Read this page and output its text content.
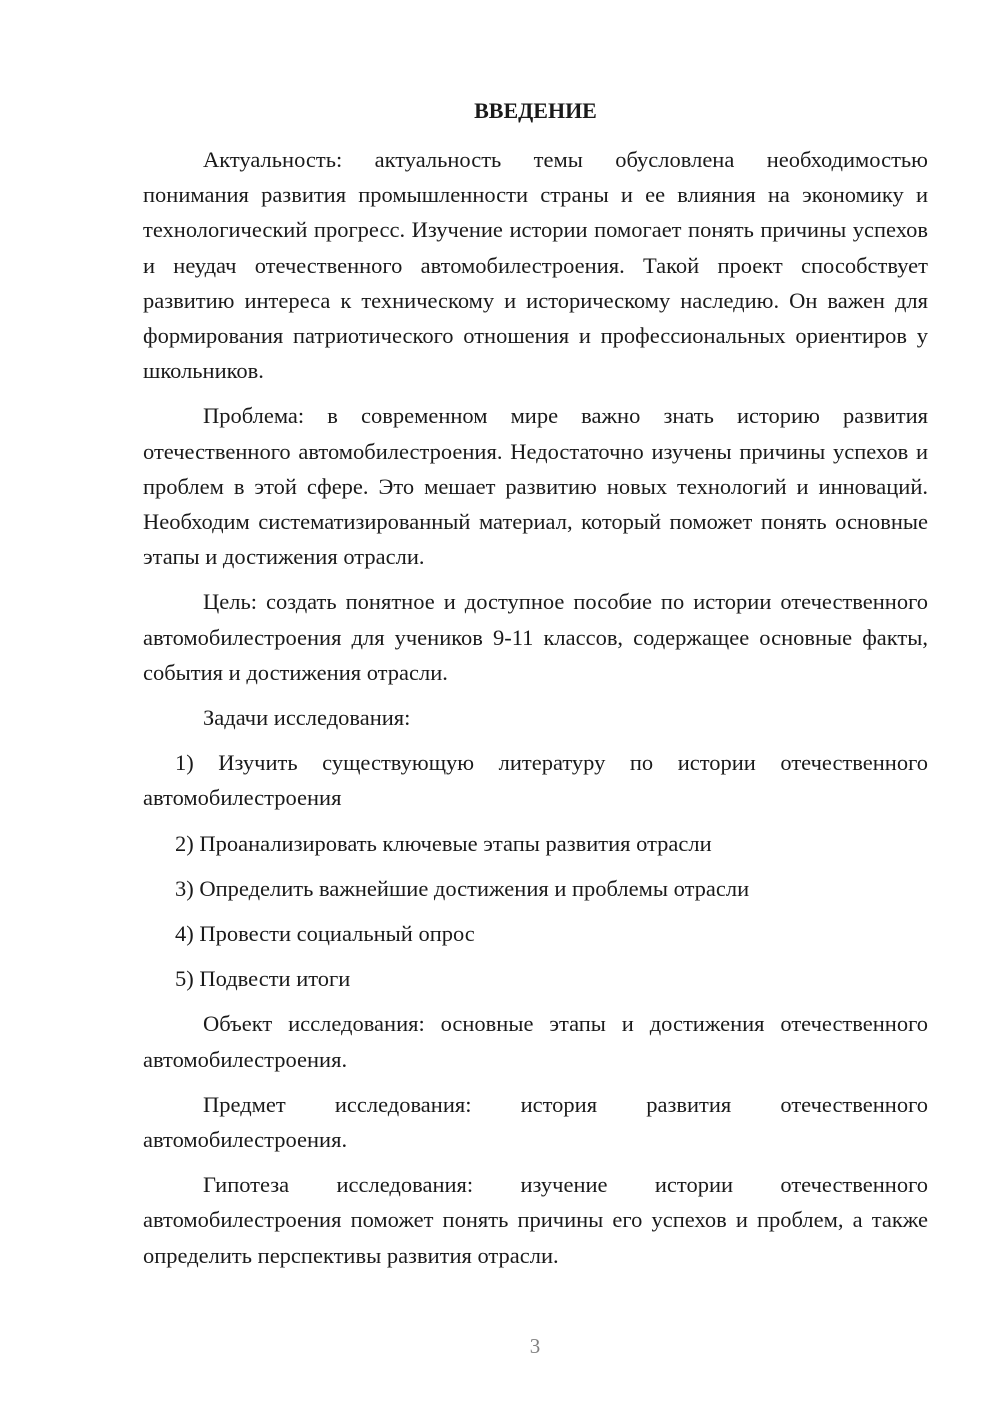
ВВЕДЕНИЕ

Актуальность: актуальность темы обусловлена необходимостью понимания развития промышленности страны и ее влияния на экономику и технологический прогресс. Изучение истории помогает понять причины успехов и неудач отечественного автомобилестроения. Такой проект способствует развитию интереса к техническому и историческому наследию. Он важен для формирования патриотического отношения и профессиональных ориентиров у школьников.

Проблема: в современном мире важно знать историю развития отечественного автомобилестроения. Недостаточно изучены причины успехов и проблем в этой сфере. Это мешает развитию новых технологий и инноваций. Необходим систематизированный материал, который поможет понять основные этапы и достижения отрасли.

Цель: создать понятное и доступное пособие по истории отечественного автомобилестроения для учеников 9-11 классов, содержащее основные факты, события и достижения отрасли.

Задачи исследования:

1) Изучить существующую литературу по истории отечественного автомобилестроения

2) Проанализировать ключевые этапы развития отрасли

3) Определить важнейшие достижения и проблемы отрасли

4) Провести социальный опрос

5) Подвести итоги

Объект исследования: основные этапы и достижения отечественного автомобилестроения.

Предмет исследования: история развития отечественного автомобилестроения.

Гипотеза исследования: изучение истории отечественного автомобилестроения поможет понять причины его успехов и проблем, а также определить перспективы развития отрасли.

3
